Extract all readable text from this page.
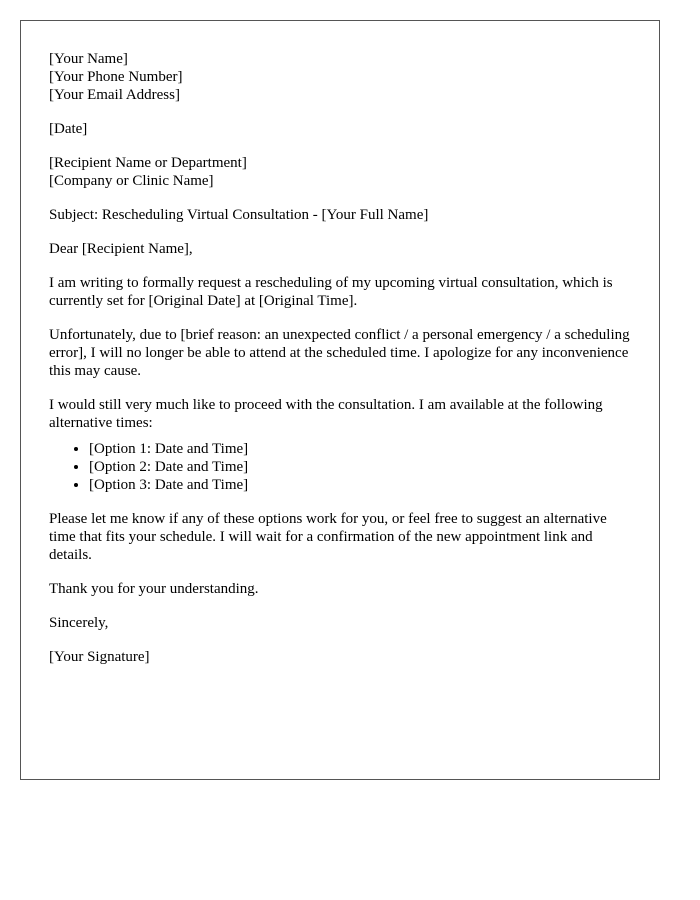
[Your Name]
[Your Phone Number]
[Your Email Address]
[Date]
[Recipient Name or Department]
[Company or Clinic Name]

Subject: Rescheduling Virtual Consultation - [Your Full Name]

Dear [Recipient Name],

I am writing to formally request a rescheduling of my upcoming virtual consultation, which is currently set for [Original Date] at [Original Time].

Unfortunately, due to [brief reason: an unexpected conflict / a personal emergency / a scheduling error], I will no longer be able to attend at the scheduled time. I apologize for any inconvenience this may cause.

I would still very much like to proceed with the consultation. I am available at the following alternative times:

• [Option 1: Date and Time]
• [Option 2: Date and Time]
• [Option 3: Date and Time]

Please let me know if any of these options work for you, or feel free to suggest an alternative time that fits your schedule. I will wait for a confirmation of the new appointment link and details.

Thank you for your understanding.

Sincerely,

[Your Signature]
